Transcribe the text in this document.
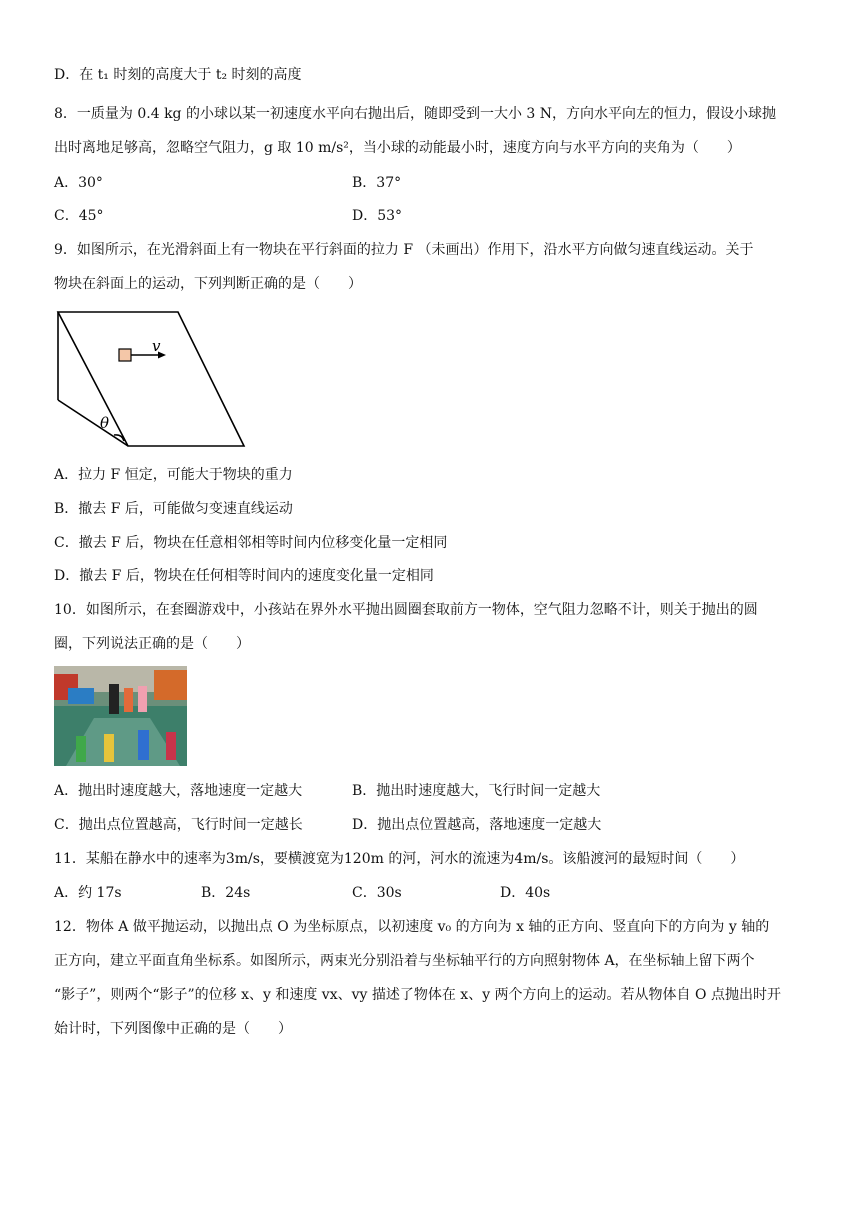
D．在 t₁ 时刻的高度大于 t₂ 时刻的高度
8．一质量为 0.4 kg 的小球以某一初速度水平向右抛出后，随即受到一大小 3 N，方向水平向左的恒力，假设小球抛
出时离地足够高，忽略空气阻力，g 取 10 m/s²，当小球的动能最小时，速度方向与水平方向的夹角为（　　）
A．30°	B．37°
C．45°	D．53°
9．如图所示，在光滑斜面上有一物块在平行斜面的拉力 F （未画出）作用下，沿水平方向做匀速直线运动。关于
物块在斜面上的运动，下列判断正确的是（　　）
v
θ
A．拉力 F 恒定，可能大于物块的重力
B．撤去 F 后，可能做匀变速直线运动
C．撤去 F 后，物块在任意相邻相等时间内位移变化量一定相同
D．撤去 F 后，物块在任何相等时间内的速度变化量一定相同
10．如图所示，在套圈游戏中，小孩站在界外水平抛出圆圈套取前方一物体，空气阻力忽略不计，则关于抛出的圆
圈，下列说法正确的是（　　）
A．抛出时速度越大，落地速度一定越大	B．抛出时速度越大，飞行时间一定越大
C．抛出点位置越高，飞行时间一定越长	D．抛出点位置越高，落地速度一定越大
11．某船在静水中的速率为3m/s，要横渡宽为120m 的河，河水的流速为4m/s。该船渡河的最短时间（　　）
A．约 17s	B．24s	C．30s	D．40s
12．物体 A 做平抛运动，以抛出点 O 为坐标原点，以初速度 v₀ 的方向为 x 轴的正方向、竖直向下的方向为 y 轴的
正方向，建立平面直角坐标系。如图所示，两束光分别沿着与坐标轴平行的方向照射物体 A，在坐标轴上留下两个
“影子”，则两个“影子”的位移 x、y 和速度 vx、vy 描述了物体在 x、y 两个方向上的运动。若从物体自 O 点抛出时开
始计时，下列图像中正确的是（　　）
